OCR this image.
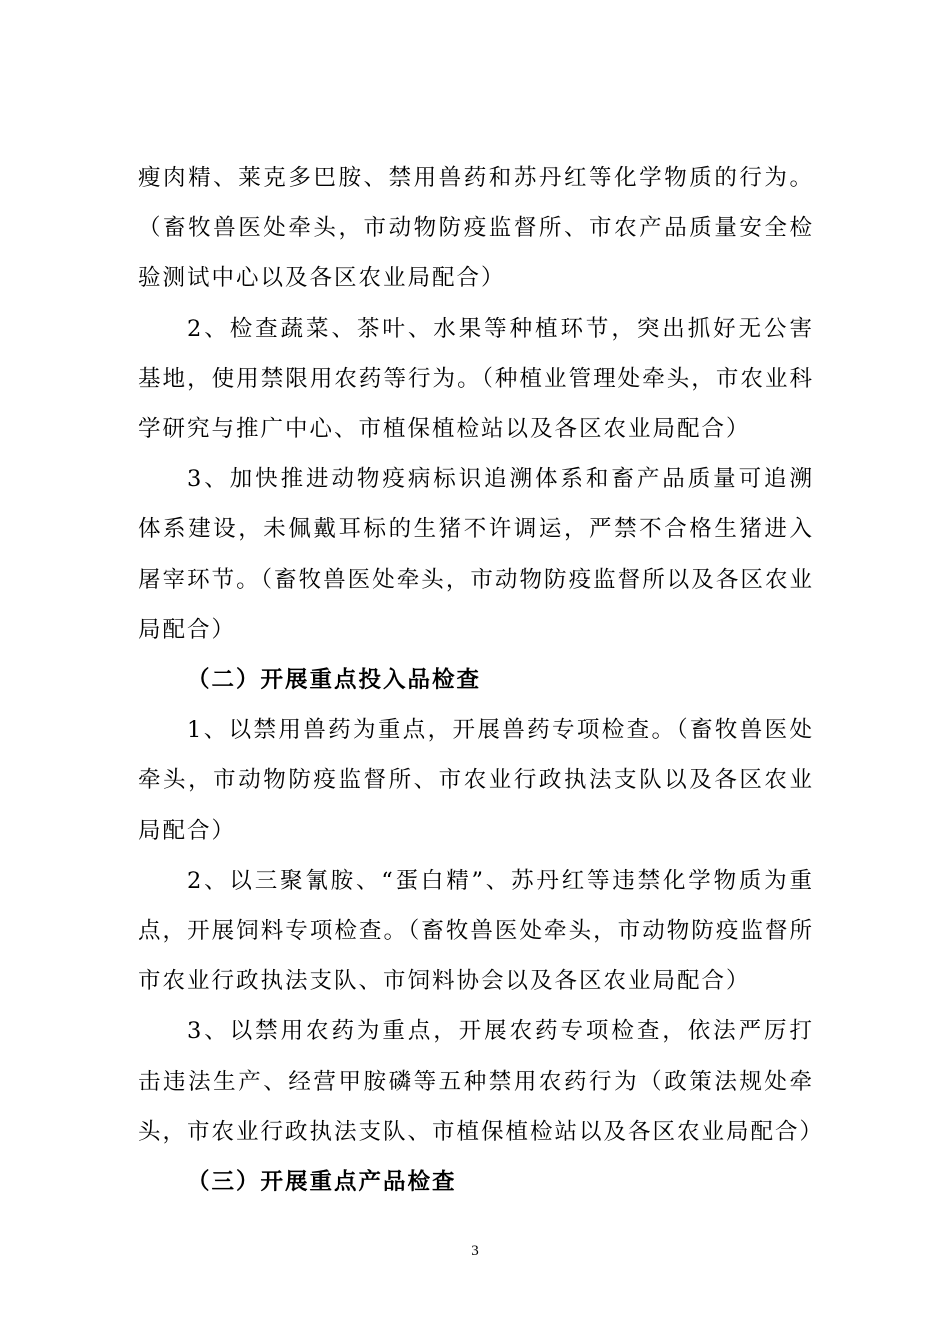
瘦肉精、莱克多巴胺、禁用兽药和苏丹红等化学物质的行为。（畜牧兽医处牵头，市动物防疫监督所、市农产品质量安全检验测试中心以及各区农业局配合）

2、检查蔬菜、茶叶、水果等种植环节，突出抓好无公害基地，使用禁限用农药等行为。（种植业管理处牵头，市农业科学研究与推广中心、市植保植检站以及各区农业局配合）

3、加快推进动物疫病标识追溯体系和畜产品质量可追溯体系建设，未佩戴耳标的生猪不许调运，严禁不合格生猪进入屠宰环节。（畜牧兽医处牵头，市动物防疫监督所以及各区农业局配合）

（二）开展重点投入品检查

1、以禁用兽药为重点，开展兽药专项检查。（畜牧兽医处牵头，市动物防疫监督所、市农业行政执法支队以及各区农业局配合）

2、以三聚氰胺、“蛋白精”、苏丹红等违禁化学物质为重点，开展饲料专项检查。（畜牧兽医处牵头，市动物防疫监督所市农业行政执法支队、市饲料协会以及各区农业局配合）

3、以禁用农药为重点，开展农药专项检查，依法严厉打击违法生产、经营甲胺磷等五种禁用农药行为（政策法规处牵头，市农业行政执法支队、市植保植检站以及各区农业局配合）

（三）开展重点产品检查

3
